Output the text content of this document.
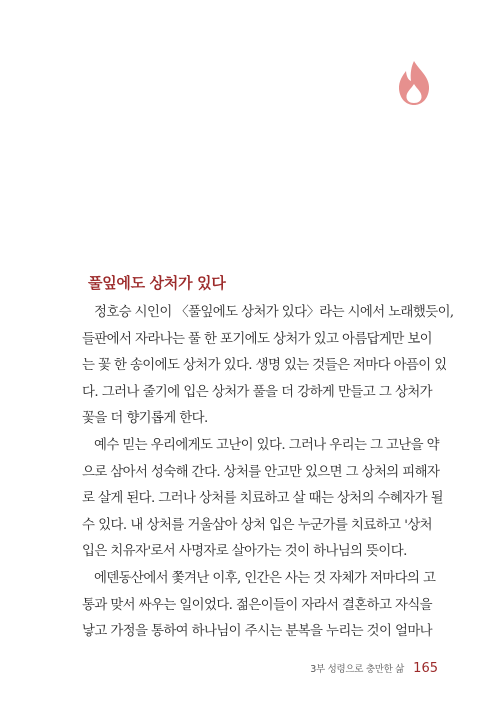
풀잎에도 상처가 있다
정호승 시인이 〈풀잎에도 상처가 있다〉라는 시에서 노래했듯이,
들판에서 자라나는 풀 한 포기에도 상처가 있고 아름답게만 보이
는 꽃 한 송이에도 상처가 있다. 생명 있는 것들은 저마다 아픔이 있
다. 그러나 줄기에 입은 상처가 풀을 더 강하게 만들고 그 상처가
꽃을 더 향기롭게 한다.
예수 믿는 우리에게도 고난이 있다. 그러나 우리는 그 고난을 약
으로 삼아서 성숙해 간다. 상처를 안고만 있으면 그 상처의 피해자
로 살게 된다. 그러나 상처를 치료하고 살 때는 상처의 수혜자가 될
수 있다. 내 상처를 거울삼아 상처 입은 누군가를 치료하고 '상처
입은 치유자'로서 사명자로 살아가는 것이 하나님의 뜻이다.
에덴동산에서 쫓겨난 이후, 인간은 사는 것 자체가 저마다의 고
통과 맞서 싸우는 일이었다. 젊은이들이 자라서 결혼하고 자식을
낳고 가정을 통하여 하나님이 주시는 분복을 누리는 것이 얼마나
3부 성령으로 충만한 삶 165
